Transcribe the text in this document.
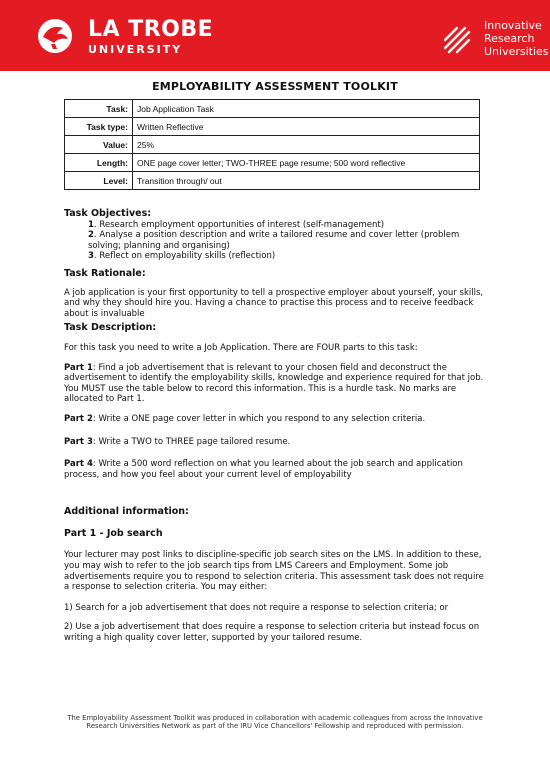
LA TROBE
UNIVERSITY
Innovative
Research
Universities
EMPLOYABILITY ASSESSMENT TOOLKIT
Task:	Job Application Task
Task type:	Written Reflective
Value:	25%
Length:	ONE page cover letter; TWO-THREE page resume; 500 word reflective
Level:	Transition through/ out

Task Objectives:

1. Research employment opportunities of interest (self-management)

2. Analyse a position description and write a tailored resume and cover letter (problem solving; planning and organising)

3. Reflect on employability skills (reflection)

Task Rationale:

A job application is your first opportunity to tell a prospective employer about yourself, your skills, and why they should hire you. Having a chance to practise this process and to receive feedback about is invaluable

Task Description:

For this task you need to write a Job Application. There are FOUR parts to this task:

Part 1: Find a job advertisement that is relevant to your chosen field and deconstruct the advertisement to identify the employability skills, knowledge and experience required for that job. You MUST use the table below to record this information. This is a hurdle task. No marks are allocated to Part 1.

Part 2: Write a ONE page cover letter in which you respond to any selection criteria.

Part 3: Write a TWO to THREE page tailored resume.

Part 4: Write a 500 word reflection on what you learned about the job search and application process, and how you feel about your current level of employability

Additional information:

Part 1 - Job search

Your lecturer may post links to discipline-specific job search sites on the LMS. In addition to these, you may wish to refer to the job search tips from LMS Careers and Employment. Some job advertisements require you to respond to selection criteria. This assessment task does not require a response to selection criteria. You may either:

1) Search for a job advertisement that does not require a response to selection criteria; or

2) Use a job advertisement that does require a response to selection criteria but instead focus on writing a high quality cover letter, supported by your tailored resume.

The Employability Assessment Toolkit was produced in collaboration with academic colleagues from across the Innovative Research Universities Network as part of the IRU Vice Chancellors' Fellowship and reproduced with permission.
